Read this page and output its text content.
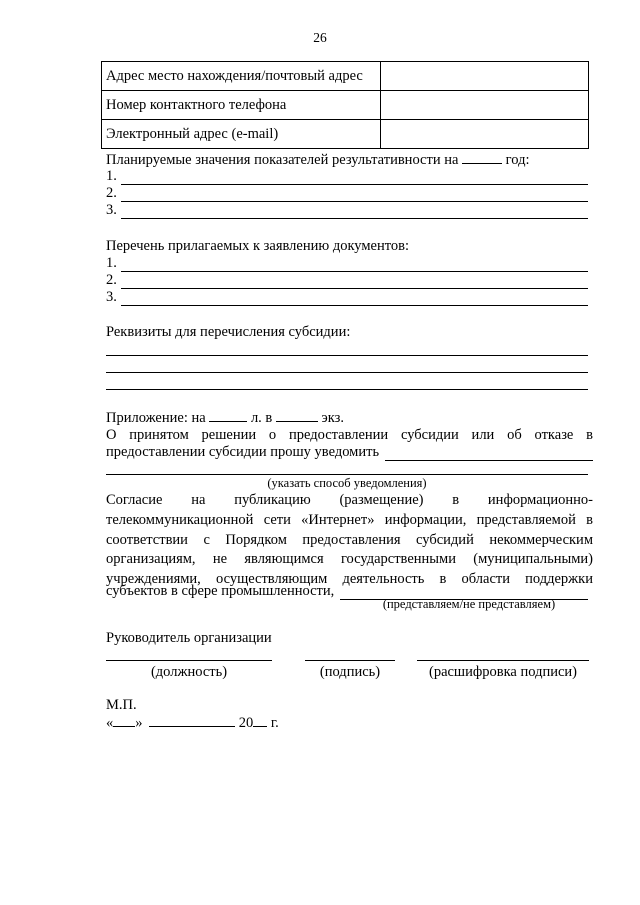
26
Адрес место нахождения/почтовый адрес	
Номер контактного телефона	
Электронный адрес (e-mail)	
Планируемые значения показателей результативности на	год:
1.
2.
3.
Перечень прилагаемых к заявлению документов:
1.
2.
3.
Реквизиты для перечисления субсидии:
Приложение: на	л. в	экз.
О принятом решении о предоставлении субсидии или об отказе в
предоставлении субсидии прошу уведомить
(указать способ уведомления)
Согласие на публикацию (размещение) в информационно-
телекоммуникационной сети «Интернет» информации, представляемой в
соответствии с Порядком предоставления субсидий некоммерческим
организациям, не являющимся государственными (муниципальными)
учреждениями, осуществляющим деятельность в области поддержки
субъектов в сфере промышленности,
(представляем/не представляем)
Руководитель организации
(должность)	(подпись)	(расшифровка подписи)
М.П.
« »	20 г.
